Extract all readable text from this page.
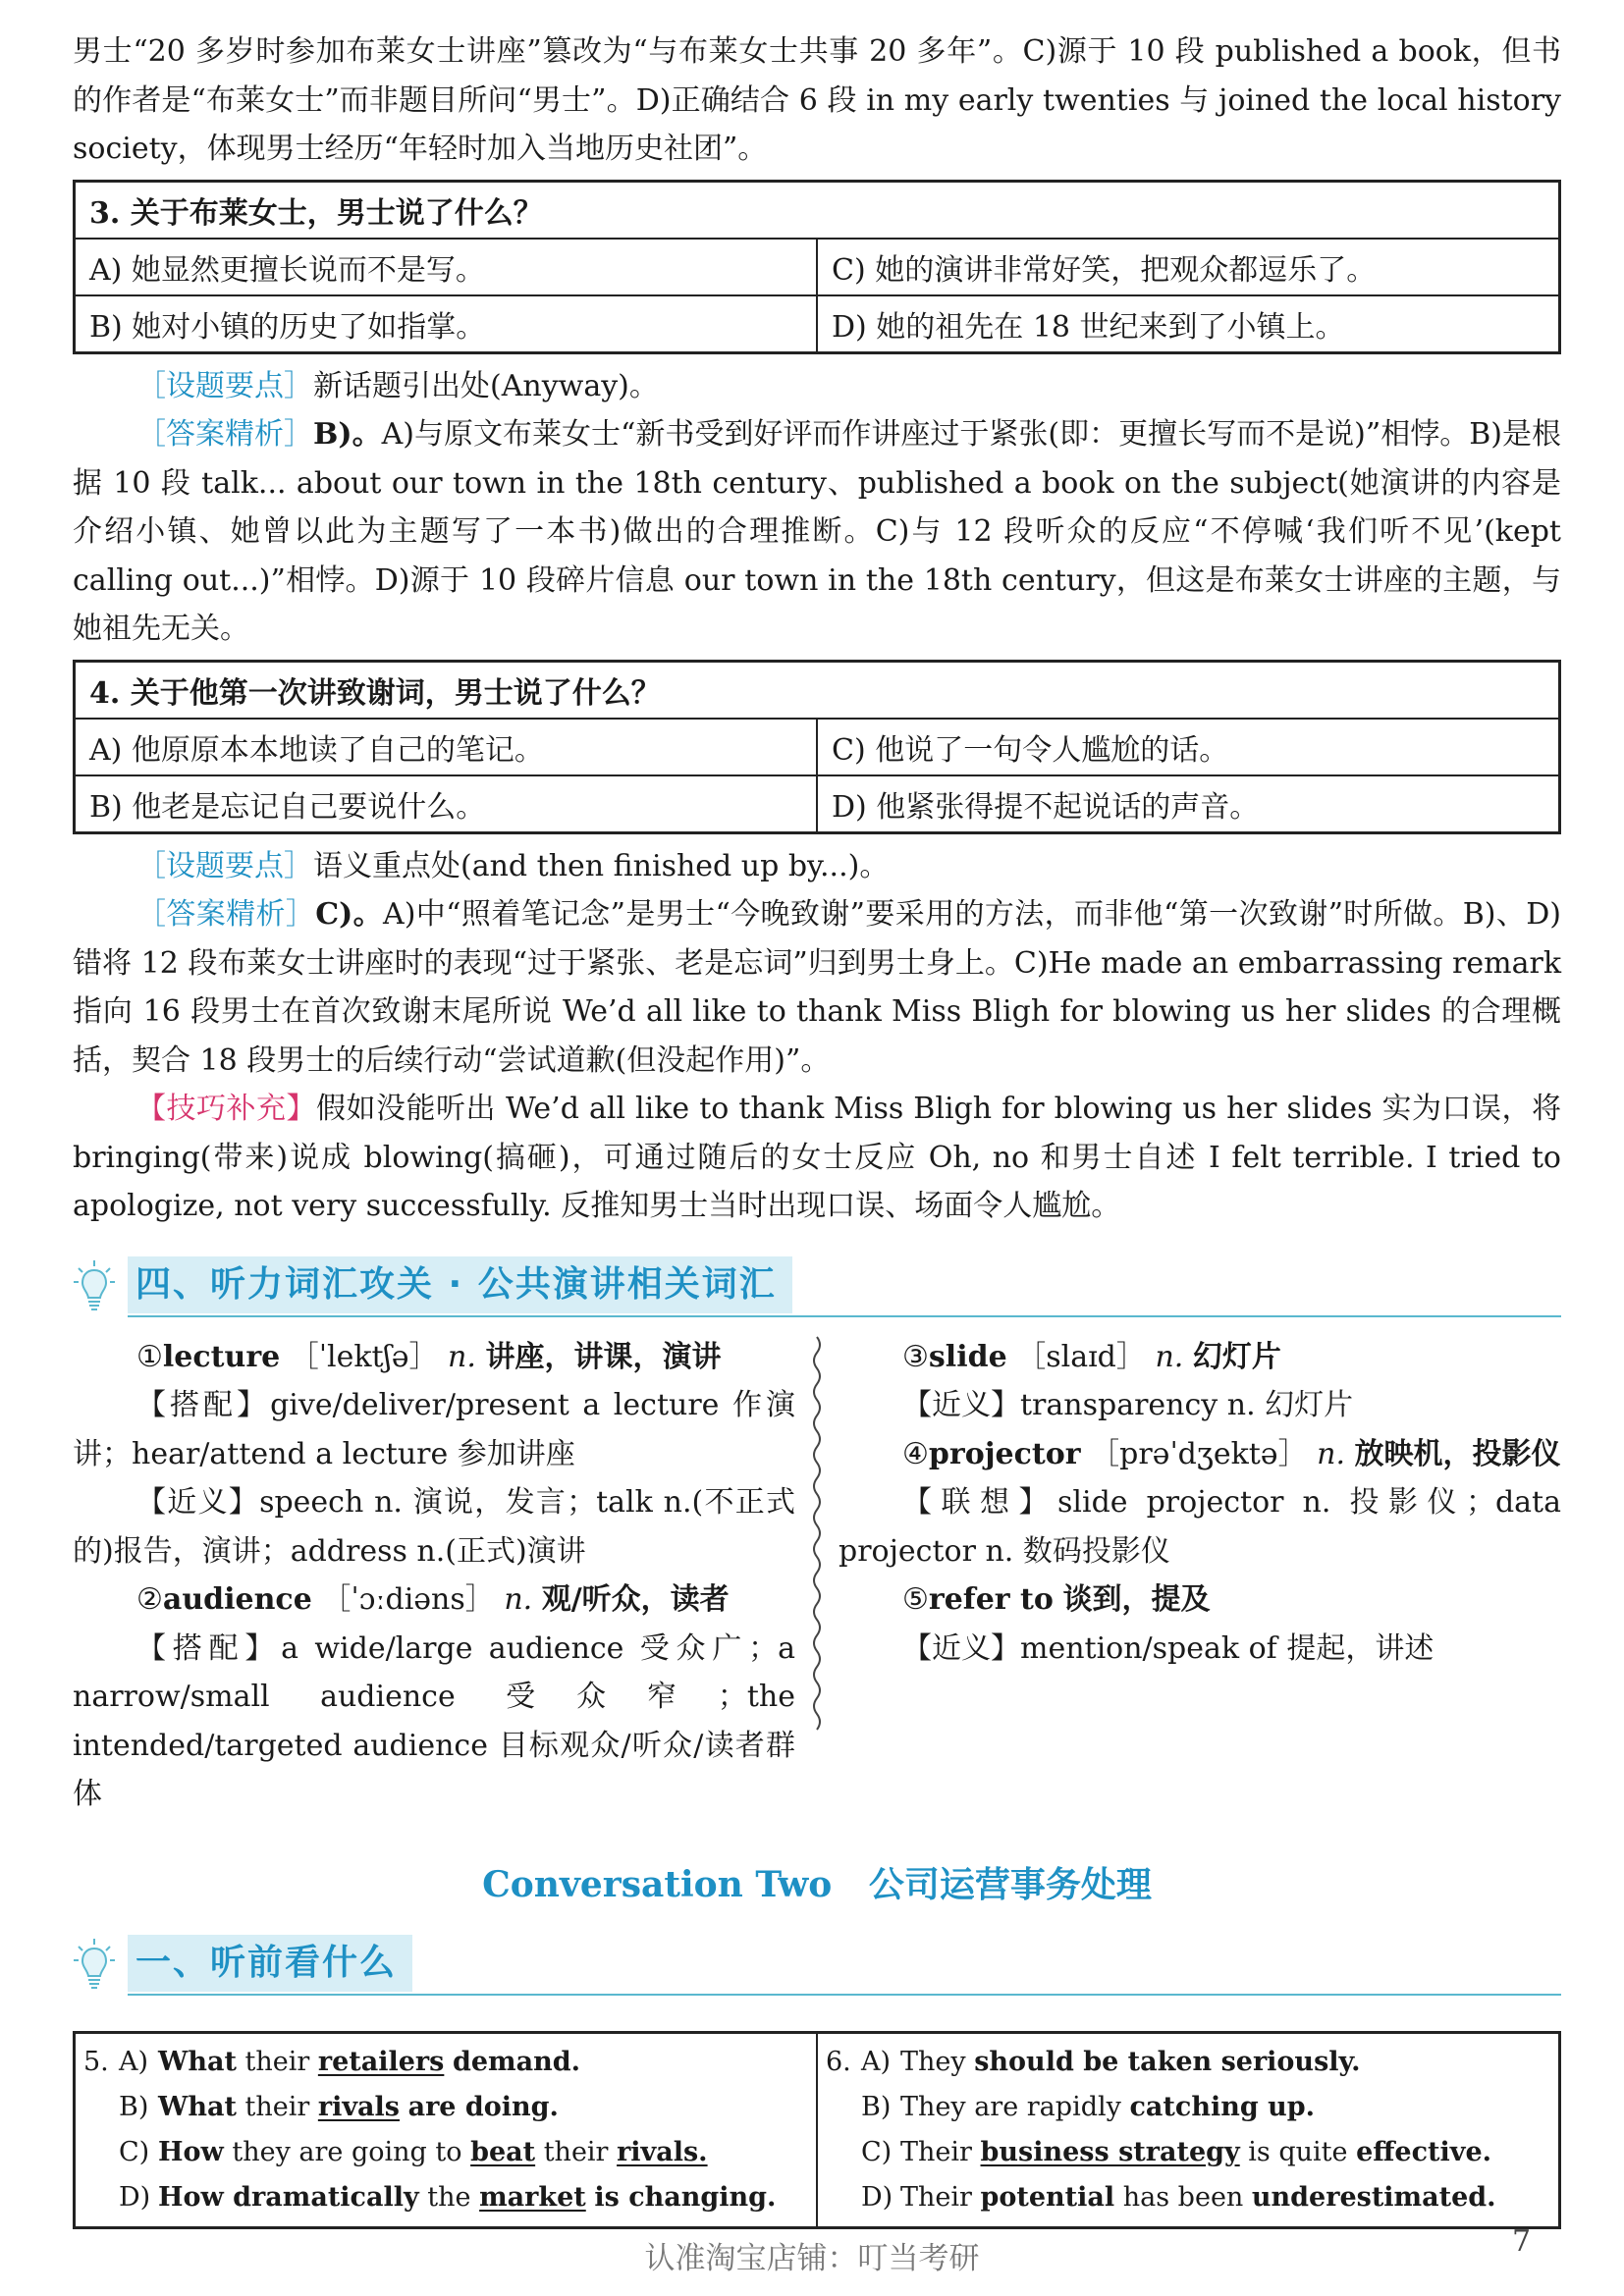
男士“20 多岁时参加布莱女士讲座”篡改为“与布莱女士共事 20 多年”。C)源于 10 段 published a book，但书的作者是“布莱女士”而非题目所问“男士”。D)正确结合 6 段 in my early twenties 与 joined the local history society，体现男士经历“年轻时加入当地历史社团”。

3. 关于布莱女士，男士说了什么？	
A) 她显然更擅长说而不是写。	C) 她的演讲非常好笑，把观众都逗乐了。
B) 她对小镇的历史了如指掌。	D) 她的祖先在 18 世纪来到了小镇上。

［设题要点］新话题引出处(Anyway)。

［答案精析］B)。A)与原文布莱女士“新书受到好评而作讲座过于紧张(即：更擅长写而不是说)”相悖。B)是根据 10 段 talk... about our town in the 18th century、published a book on the subject(她演讲的内容是介绍小镇、她曾以此为主题写了一本书)做出的合理推断。C)与 12 段听众的反应“不停喊‘我们听不见’(kept calling out...)”相悖。D)源于 10 段碎片信息 our town in the 18th century，但这是布莱女士讲座的主题，与她祖先无关。

4. 关于他第一次讲致谢词，男士说了什么？	
A) 他原原本本地读了自己的笔记。	C) 他说了一句令人尴尬的话。
B) 他老是忘记自己要说什么。	D) 他紧张得提不起说话的声音。

［设题要点］语义重点处(and then finished up by...)。

［答案精析］C)。A)中“照着笔记念”是男士“今晚致谢”要采用的方法，而非他“第一次致谢”时所做。B)、D)错将 12 段布莱女士讲座时的表现“过于紧张、老是忘词”归到男士身上。C)He made an embarrassing remark 指向 16 段男士在首次致谢末尾所说 We’d all like to thank Miss Bligh for blowing us her slides 的合理概括，契合 18 段男士的后续行动“尝试道歉(但没起作用)”。

【技巧补充】假如没能听出 We’d all like to thank Miss Bligh for blowing us her slides 实为口误，将 bringing(带来)说成 blowing(搞砸)，可通过随后的女士反应 Oh, no 和男士自述 I felt terrible. I tried to apologize, not very successfully. 反推知男士当时出现口误、场面令人尴尬。

四、听力词汇攻关 · 公共演讲相关词汇

①lecture ［ˈlektʃə］ n. 讲座，讲课，演讲

【搭配】give/deliver/present a lecture 作演讲；hear/attend a lecture 参加讲座

【近义】speech n. 演说，发言；talk n.(不正式的)报告，演讲；address n.(正式)演讲

②audience ［ˈɔːdiəns］ n. 观/听众，读者

【搭配】a wide/large audience 受众广；a narrow/small audience 受众窄；the intended/targeted audience 目标观众/听众/读者群体

③slide ［slaɪd］ n. 幻灯片

【近义】transparency n. 幻灯片

④projector ［prəˈdʒektə］ n. 放映机，投影仪

【联想】slide projector n. 投影仪；data projector n. 数码投影仪

⑤refer to 谈到，提及

【近义】mention/speak of 提起，讲述

Conversation Two 公司运营事务处理
一、听前看什么
5. A) What their retailers demand.
B) What their rivals are doing.
C) How they are going to beat their rivals.
D) How dramatically the market is changing.

6. A) They should be taken seriously.
B) They are rapidly catching up.
C) Their business strategy is quite effective.
D) Their potential has been underestimated.
认准淘宝店铺：叮当考研	7
